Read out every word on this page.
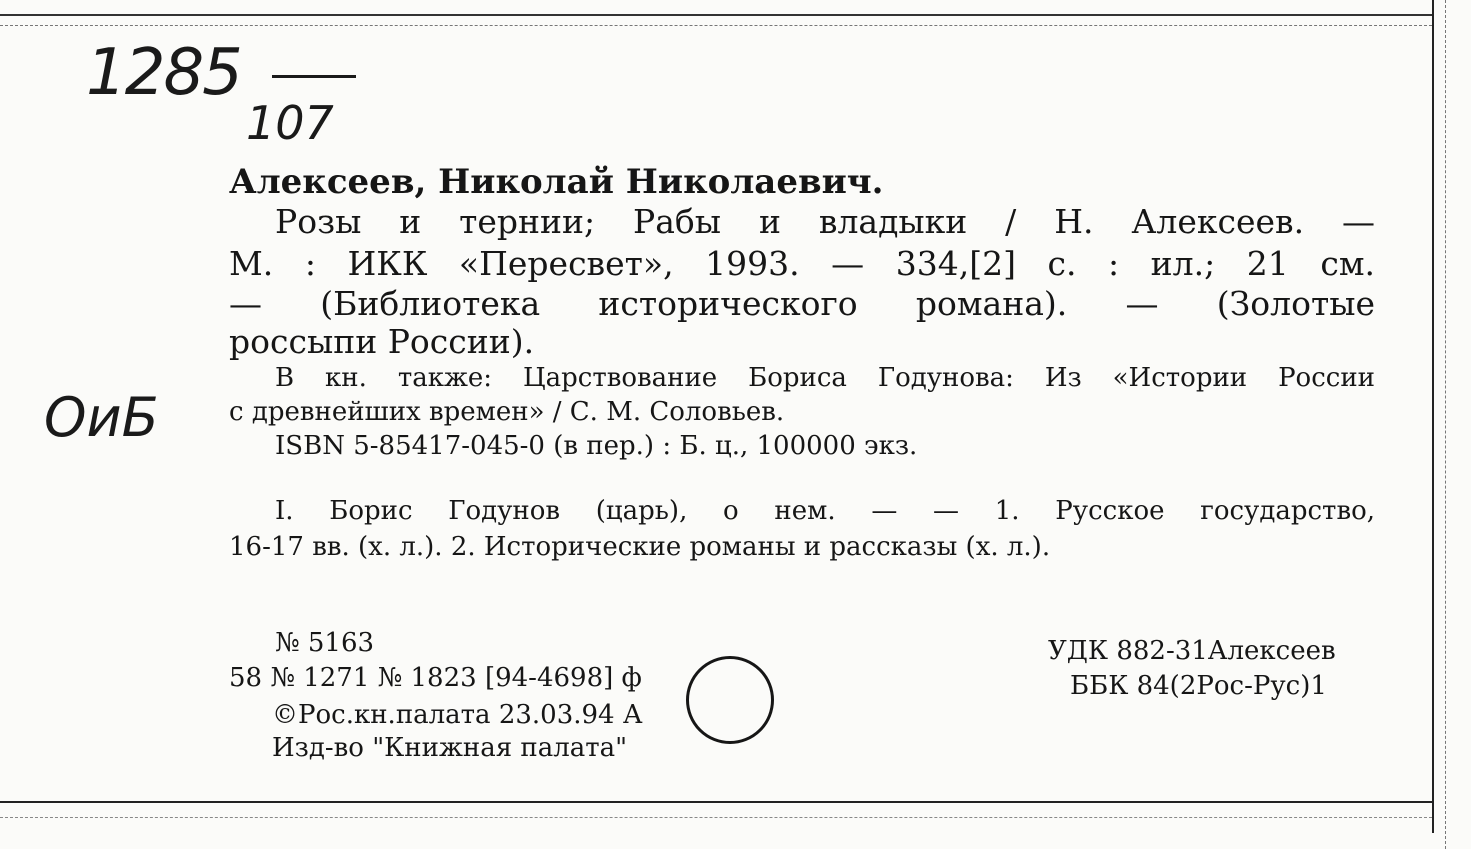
1285
107
ОиБ
Алексеев, Николай Николаевич.
Розы и тернии; Рабы и владыки / Н. Алексеев. —
М. : ИКК «Пересвет», 1993. — 334,[2] с. : ил.; 21 см.
— (Библиотека исторического романа). — (Золотые
россыпи России).
В кн. также: Царствование Бориса Годунова: Из «Истории России
с древнейших времен» / С. М. Соловьев.
ISBN 5-85417-045-0 (в пер.) : Б. ц., 100000 экз.
I. Борис Годунов (царь), о нем. — — 1. Русское государство,
16-17 вв. (х. л.). 2. Исторические романы и рассказы (х. л.).
№ 5163
58 № 1271 № 1823 [94-4698] ф
©Рос.кн.палата 23.03.94 А
Изд-во "Книжная палата"
УДК 882-31Алексеев
ББК 84(2Рос-Рус)1
